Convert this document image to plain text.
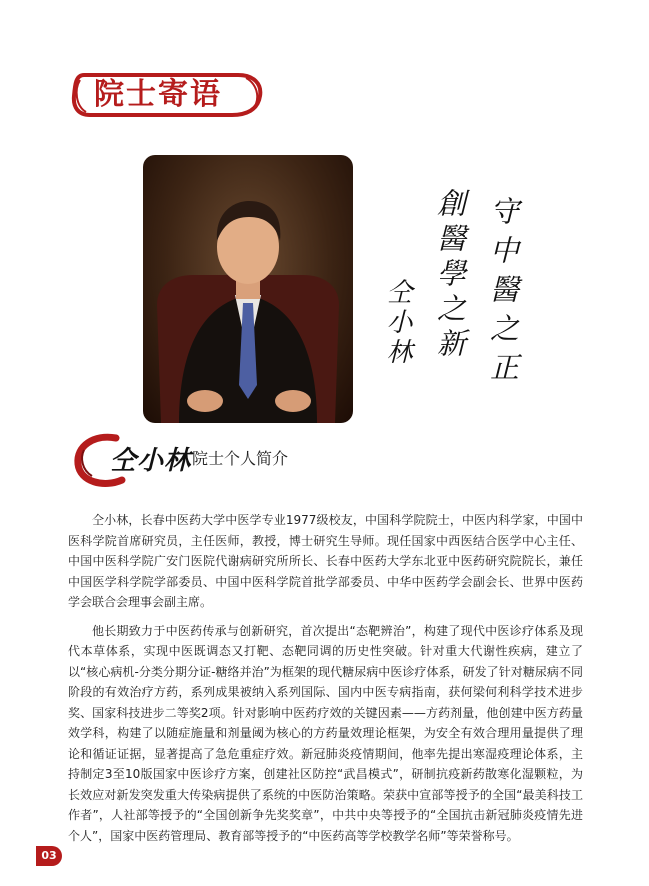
院士寄语
守中醫之正
創醫學之新
仝小林
仝小林 院士个人简介

仝小林，长春中医药大学中医学专业1977级校友，中国科学院院士，中医内科学家，中国中医科学院首席研究员，主任医师，教授，博士研究生导师。现任国家中西医结合医学中心主任、中国中医科学院广安门医院代谢病研究所所长、长春中医药大学东北亚中医药研究院院长，兼任中国医学科学院学部委员、中国中医科学院首批学部委员、中华中医药学会副会长、世界中医药学会联合会理事会副主席。

他长期致力于中医药传承与创新研究，首次提出“态靶辨治”，构建了现代中医诊疗体系及现代本草体系，实现中医既调态又打靶、态靶同调的历史性突破。针对重大代谢性疾病，建立了以“核心病机-分类分期分证-糖络并治”为框架的现代糖尿病中医诊疗体系，研发了针对糖尿病不同阶段的有效治疗方药，系列成果被纳入系列国际、国内中医专病指南，获何梁何利科学技术进步奖、国家科技进步二等奖2项。针对影响中医药疗效的关键因素——方药剂量，他创建中医方药量效学科，构建了以随症施量和剂量阈为核心的方药量效理论框架，为安全有效合理用量提供了理论和循证证据，显著提高了急危重症疗效。新冠肺炎疫情期间，他率先提出寒湿疫理论体系，主持制定3至10版国家中医诊疗方案，创建社区防控“武昌模式”，研制抗疫新药散寒化湿颗粒，为长效应对新发突发重大传染病提供了系统的中医防治策略。荣获中宣部等授予的全国“最美科技工作者”，人社部等授予的“全国创新争先奖奖章”，中共中央等授予的“全国抗击新冠肺炎疫情先进个人”，国家中医药管理局、教育部等授予的“中医药高等学校教学名师”等荣誉称号。

03
